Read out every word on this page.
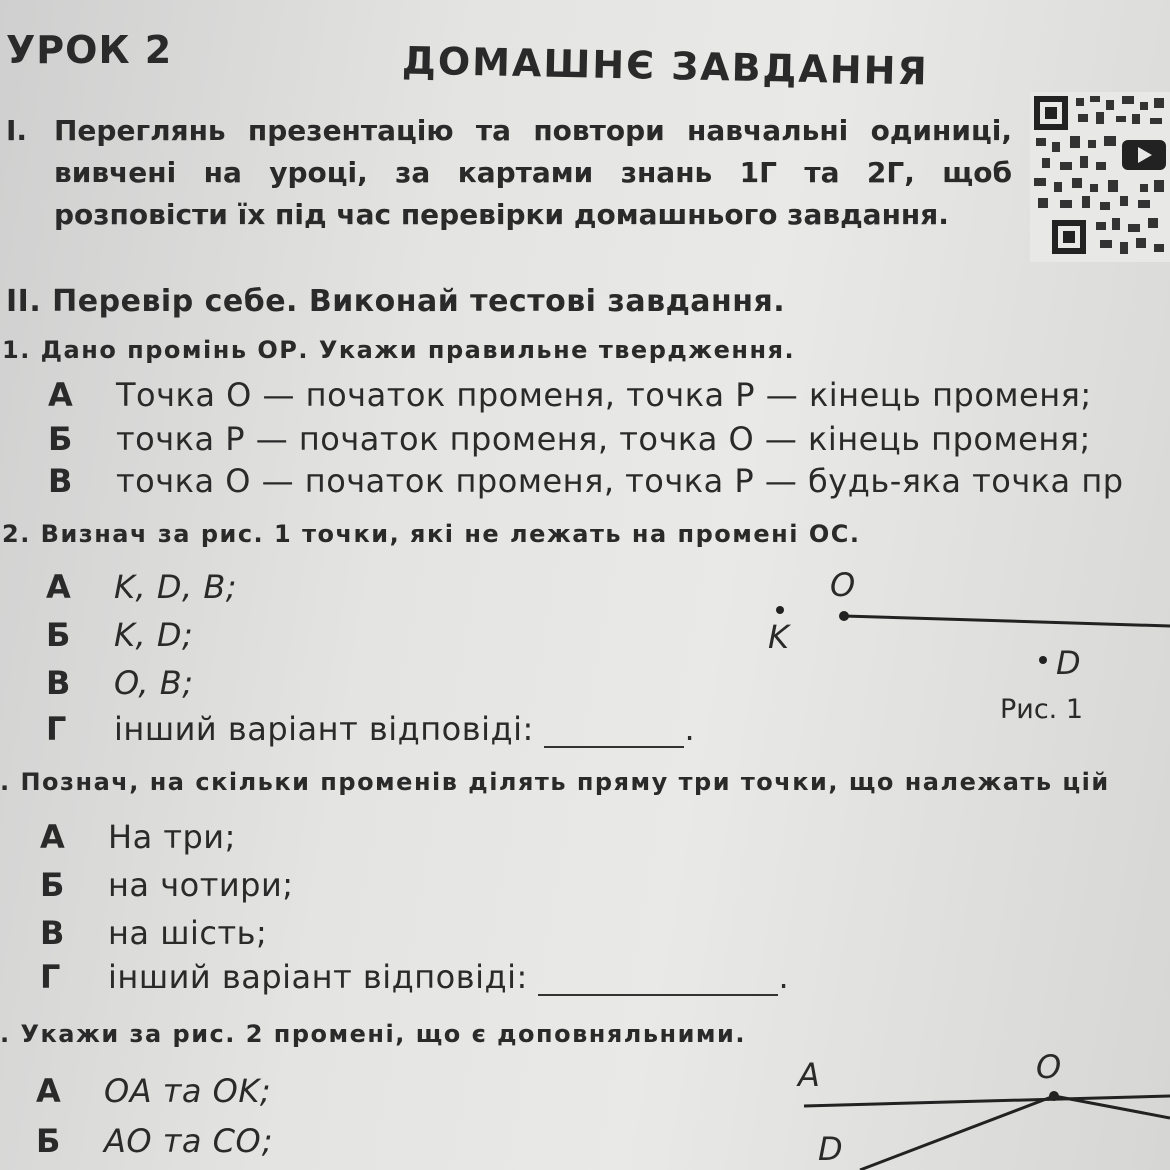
УРОК 2	ДОМАШНЄ ЗАВДАННЯ
I. Переглянь презентацію та повтори навчальні одиниці, вивчені на уроці, за картами знань 1Г та 2Г, щоб розповісти їх під час перевірки домашнього завдання.
II. Перевір себе. Виконай тестові завдання.
1. Дано промінь ОР. Укажи правильне твердження.
А Точка О — початок променя, точка Р — кінець променя;
Б точка Р — початок променя, точка О — кінець променя;
В точка О — початок променя, точка Р — будь-яка точка пр
2. Визнач за рис. 1 точки, які не лежать на промені ОС.
А K, D, B;
Б K, D;
В O, B;
Г інший варіант відповіді:	.
O
K
D
Рис. 1
. Познач, на скільки променів ділять пряму три точки, що належать цій
А На три;
Б на чотири;
В на шість;
Г інший варіант відповіді:	.
. Укажи за рис. 2 промені, що є доповняльними.
А OA та OK;
Б AO та CO;
A	O
D
